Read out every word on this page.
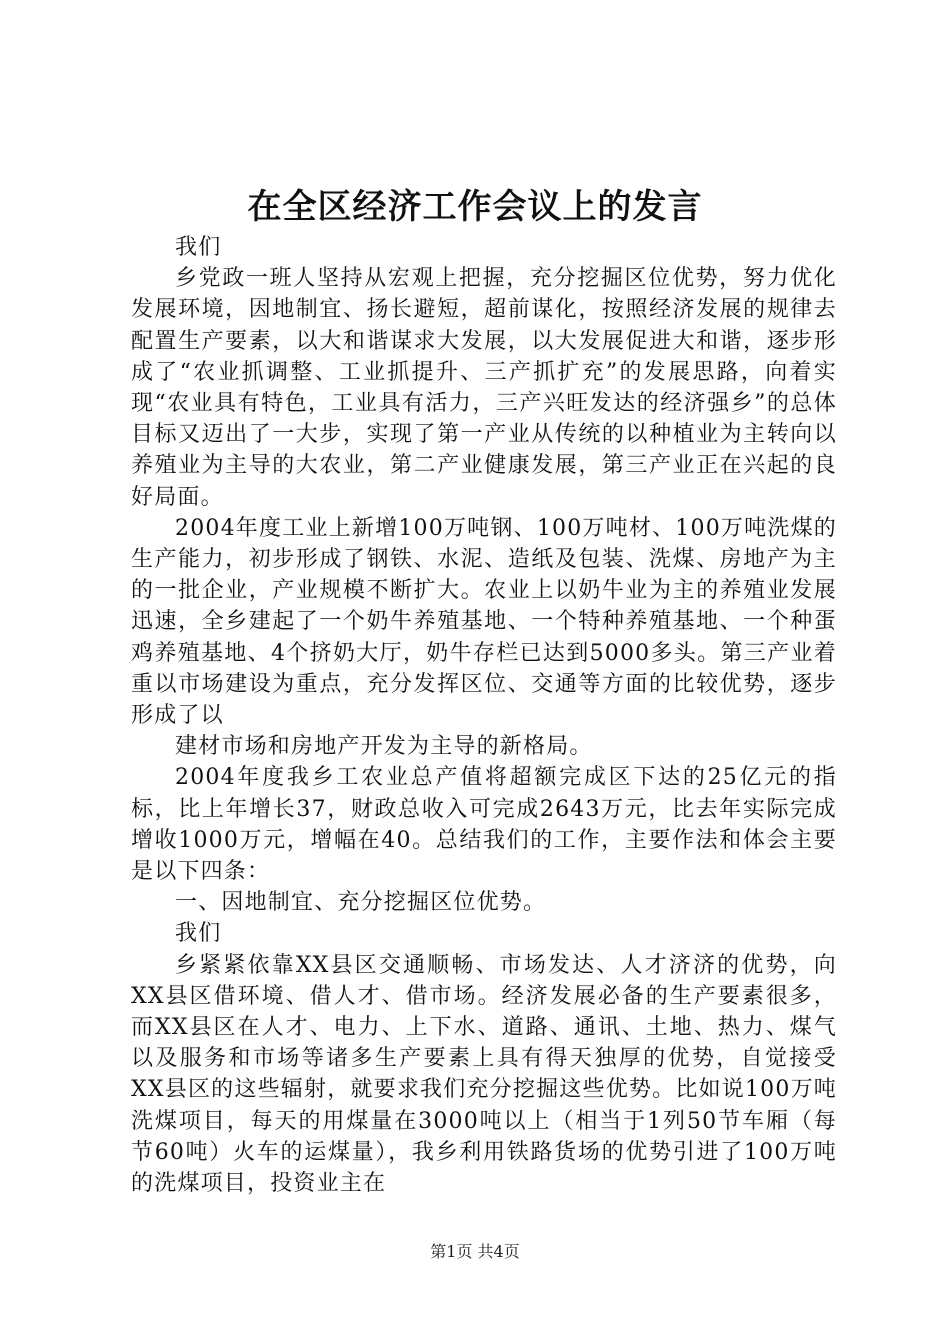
在全区经济工作会议上的发言

我们

乡党政一班人坚持从宏观上把握，充分挖掘区位优势，努力优化发展环境，因地制宜、扬长避短，超前谋化，按照经济发展的规律去配置生产要素，以大和谐谋求大发展，以大发展促进大和谐，逐步形成了“农业抓调整、工业抓提升、三产抓扩充”的发展思路，向着实现“农业具有特色，工业具有活力，三产兴旺发达的经济强乡”的总体目标又迈出了一大步，实现了第一产业从传统的以种植业为主转向以养殖业为主导的大农业，第二产业健康发展，第三产业正在兴起的良好局面。

2004年度工业上新增100万吨钢、100万吨材、100万吨洗煤的生产能力，初步形成了钢铁、水泥、造纸及包装、洗煤、房地产为主的一批企业，产业规模不断扩大。农业上以奶牛业为主的养殖业发展迅速，全乡建起了一个奶牛养殖基地、一个特种养殖基地、一个种蛋鸡养殖基地、4个挤奶大厅，奶牛存栏已达到5000多头。第三产业着重以市场建设为重点，充分发挥区位、交通等方面的比较优势，逐步形成了以

建材市场和房地产开发为主导的新格局。

2004年度我乡工农业总产值将超额完成区下达的25亿元的指标，比上年增长37，财政总收入可完成2643万元，比去年实际完成增收1000万元，增幅在40。总结我们的工作，主要作法和体会主要是以下四条：

一、因地制宜、充分挖掘区位优势。

我们

乡紧紧依靠XX县区交通顺畅、市场发达、人才济济的优势，向XX县区借环境、借人才、借市场。经济发展必备的生产要素很多，而XX县区在人才、电力、上下水、道路、通讯、土地、热力、煤气以及服务和市场等诸多生产要素上具有得天独厚的优势，自觉接受XX县区的这些辐射，就要求我们充分挖掘这些优势。比如说100万吨洗煤项目，每天的用煤量在3000吨以上（相当于1列50节车厢（每节60吨）火车的运煤量），我乡利用铁路货场的优势引进了100万吨的洗煤项目，投资业主在

第1页 共4页
